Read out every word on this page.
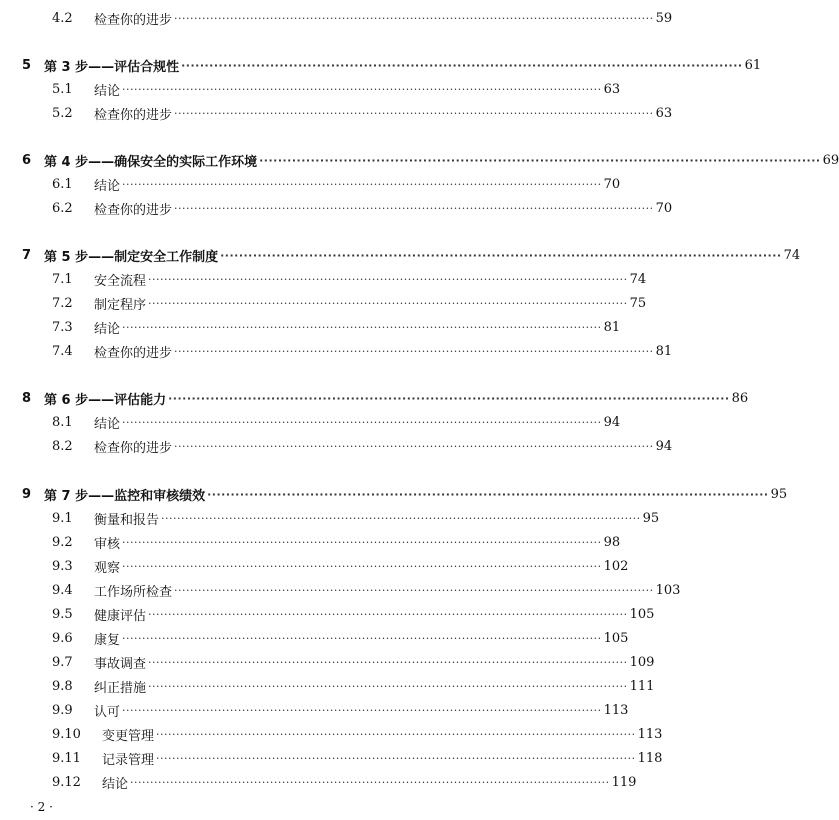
4.2	检查你的进步 ························································································································ 59
5 第 3 步——评估合规性 ························································································································ 61
5.1	结论 ························································································································ 63
5.2	检查你的进步 ························································································································ 63
6 第 4 步——确保安全的实际工作环境 ························································································································ 69
6.1	结论 ························································································································ 70
6.2	检查你的进步 ························································································································ 70
7 第 5 步——制定安全工作制度 ························································································································ 74
7.1	安全流程 ························································································································ 74
7.2	制定程序 ························································································································ 75
7.3	结论 ························································································································ 81
7.4	检查你的进步 ························································································································ 81
8 第 6 步——评估能力 ························································································································ 86
8.1	结论 ························································································································ 94
8.2	检查你的进步 ························································································································ 94
9 第 7 步——监控和审核绩效 ························································································································ 95
9.1	衡量和报告 ························································································································ 95
9.2	审核 ························································································································ 98
9.3	观察 ························································································································ 102
9.4	工作场所检查 ························································································································ 103
9.5	健康评估 ························································································································ 105
9.6	康复 ························································································································ 105
9.7	事故调查 ························································································································ 109
9.8	纠正措施 ························································································································ 111
9.9	认可 ························································································································ 113
9.10	变更管理 ························································································································ 113
9.11	记录管理 ························································································································ 118
9.12	结论 ························································································································ 119
· 2 ·
